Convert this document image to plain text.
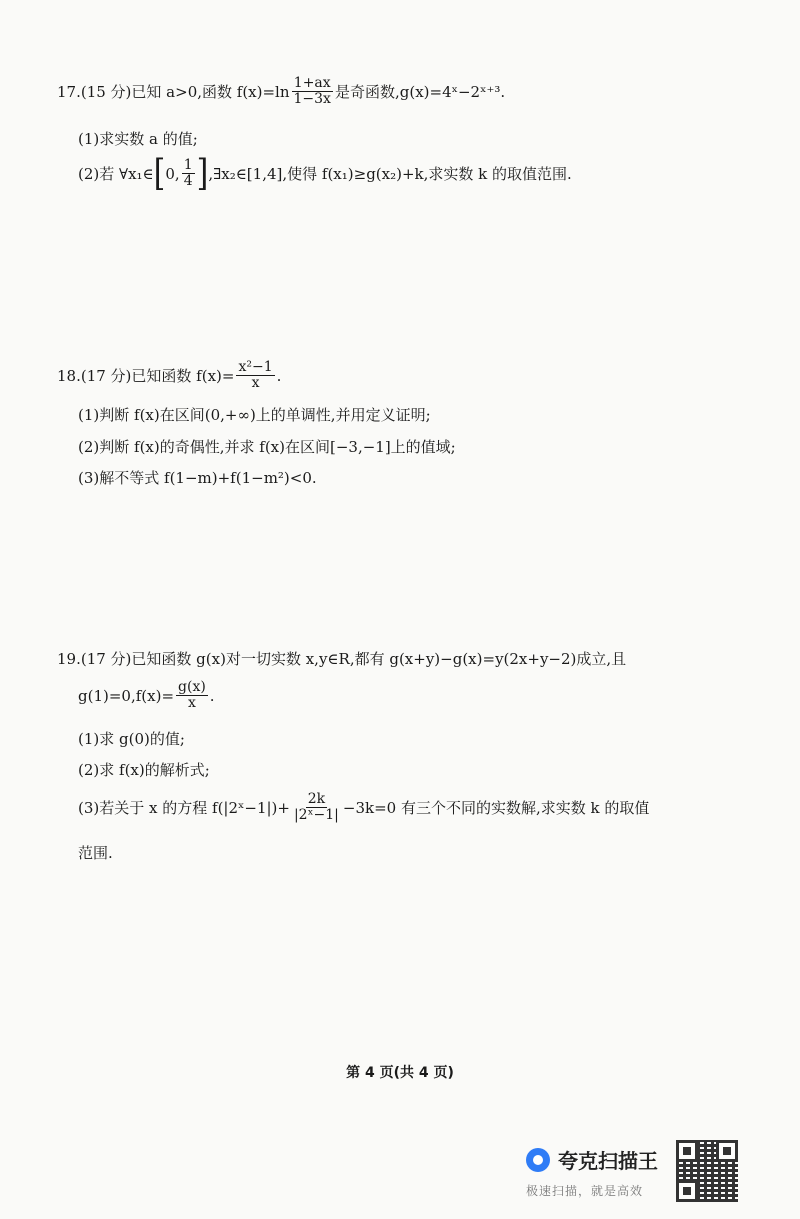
17.(15 分)已知 a>0,函数 $f(x)=\ln \frac{1+ax}{1-3x}$ 是奇函数,g(x)=4ˣ−2ˣ⁺³.
(1)求实数 a 的值;
(2)若 ∀x₁∈ [ 0, $\frac{1}{4}$ ] ,∃x₂∈[1,4],使得 f(x₁)≥g(x₂)+k,求实数 k 的取值范围.
18.(17 分)已知函数 $f(x)= \frac{\text{x²−1}}{x}$ .
(1)判断 f(x)在区间(0,+∞)上的单调性,并用定义证明;
(2)判断 f(x)的奇偶性,并求 f(x)在区间[−3,−1]上的值域;
(3)解不等式 f(1−m)+f(1−m²)<0.
19.(17 分)已知函数 g(x)对一切实数 x,y∈R,都有 g(x+y)−g(x)=y(2x+y−2)成立,且
$g(1)=0,f(x)= \frac{g(x)}{x}$ .
(1)求 g(0)的值;
(2)求 f(x)的解析式;
(3)若关于 x 的方程 f(|2ˣ−1|)+ $\frac{2k}{\text{|2ˣ−1|}} -3k=0$ 有三个不同的实数解,求实数 k 的取值
范围.
第 4 页(共 4 页)
夸克扫描王
极速扫描，就是高效
